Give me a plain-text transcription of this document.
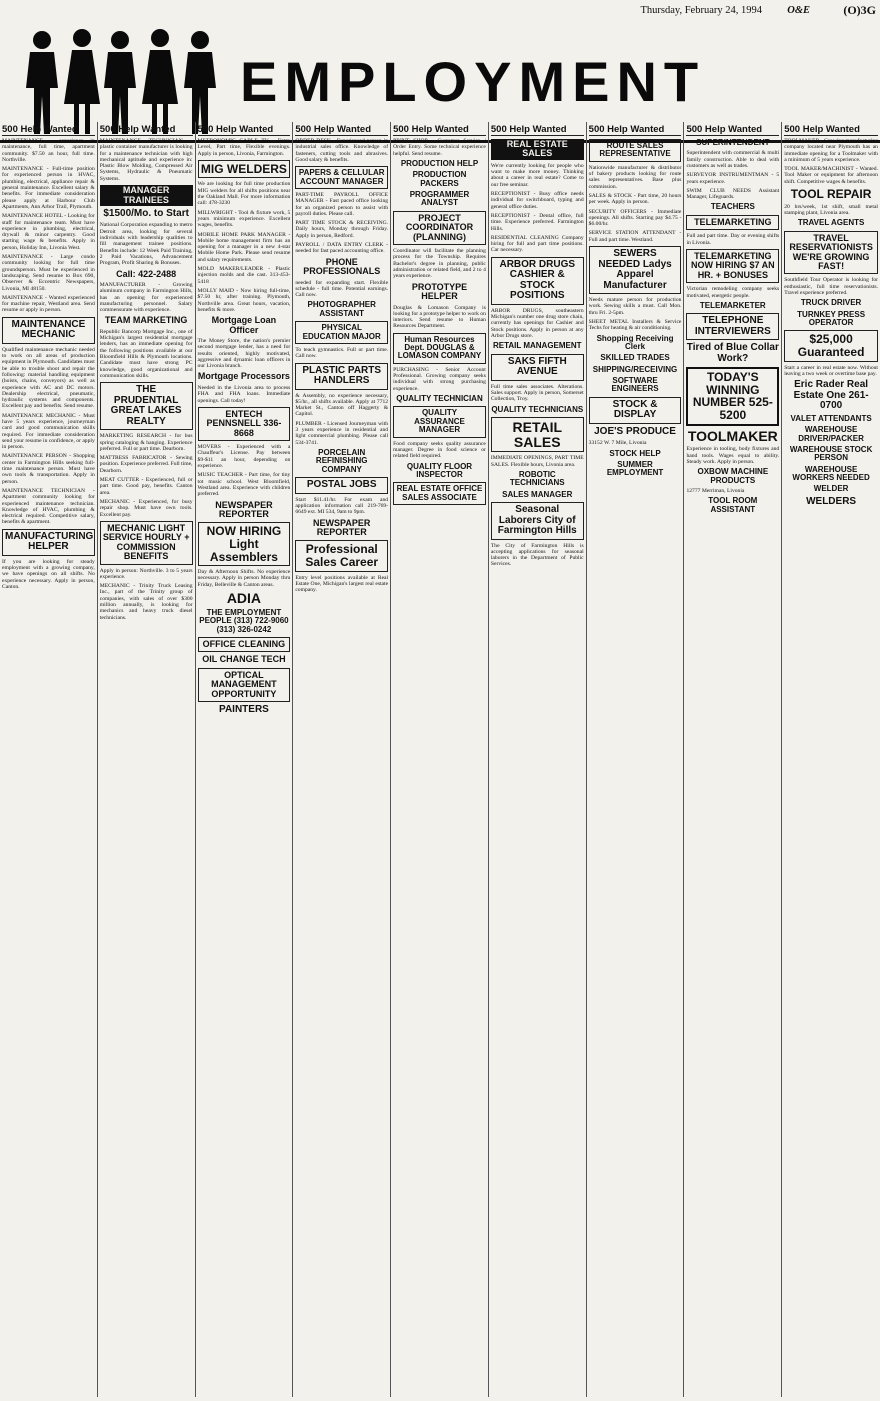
Thursday, February 24, 1994 O&E	(O)3G
EMPLOYMENT
500 Help Wanted
MAINTENANCE - experience in maintenance, full time, apartment community. $7.50 an hour, full time. Northville.
MAINTENANCE - Full-time position for experienced person in HVAC, plumbing, electrical, appliance repair & general maintenance. Excellent salary & benefits. For immediate consideration please apply at Harbour Club Apartments, Ann Arbor Trail, Plymouth.
MAINTENANCE HOTEL - Looking for staff for maintenance team. Must have experience in plumbing, electrical, drywall & minor carpentry. Good starting wage & benefits. Apply in person, Holiday Inn, Livonia West.
MAINTENANCE - Large condo community looking for full time groundsperson. Must be experienced in landscaping. Send resume to Box 690, Observer & Eccentric Newspapers, Livonia, MI 48150.
MAINTENANCE - Wanted experienced for machine repair, Westland area. Send resume or apply in person.
MAINTENANCE MECHANIC
Qualified maintenance mechanic needed to work on all areas of production equipment in Plymouth. Candidates must be able to trouble shoot and repair the following: material handling equipment (hoists, chains, conveyors) as well as experience with AC and DC motors. Dealership electrical, pneumatic, hydraulic systems and components. Excellent pay and benefits. Send resume.
MAINTENANCE MECHANIC - Must have 5 years experience, journeyman card and good communication skills required. For immediate consideration send your resume in confidence, or apply in person.
MAINTENANCE PERSON - Shopping center in Farmington Hills seeking full-time maintenance person. Must have own tools & transportation. Apply in person.
MAINTENANCE TECHNICIAN - Apartment community looking for experienced maintenance technician. Knowledge of HVAC, plumbing & electrical required. Competitive salary, benefits & apartment.
MANUFACTURING HELPER
If you are looking for steady employment with a growing company, we have openings on all shifts. No experience necessary. Apply in person, Canton.
500 Help Wanted
MAINTENANCE TECHNICIAN - plastic container manufacturer is looking for a maintenance technician with high mechanical aptitude and experience in: Plastic Blow Molding, Compressed Air Systems, Hydraulic & Pneumatic Systems.
MANAGER TRAINEES
$1500/Mo. to Start
National Corporation expanding to metro Detroit area, looking for several individuals with leadership qualities to fill management trainee positions. Benefits include: 12 Week Paid Training, 2 Paid Vacations, Advancement Program, Profit Sharing & Bonuses.
Call: 422-2488
MANUFACTURER - Growing aluminum company in Farmington Hills, has an opening for experienced manufacturing personnel. Salary commensurate with experience.
TEAM MARKETING
Republic Bancorp Mortgage Inc., one of Michigan's largest residential mortgage lenders, has an immediate opening for the following positions available at our Bloomfield Hills & Plymouth locations. Candidate must have strong PC knowledge, good organizational and communication skills.
THE PRUDENTIAL GREAT LAKES REALTY
MARKETING RESEARCH - for bus spring cataloging & hanging. Experience preferred. Full or part time. Dearborn.
MATTRESS FABRICATOR - Sewing position. Experience preferred. Full time, Dearborn.
MEAT CUTTER - Experienced, full or part time. Good pay, benefits. Canton area.
MECHANIC - Experienced, for busy repair shop. Must have own tools. Excellent pay.
MECHANIC LIGHT SERVICE HOURLY + COMMISSION BENEFITS
Apply in person: Northville. 3 to 5 years experience.
MECHANIC - Trinity Truck Leasing Inc., part of the Trinity group of companies, with sales of over $300 million annually, is looking for mechanics and heavy truck diesel technicians.
500 Help Wanted
METRONOMIC CABLE TV - Entry Level, Part time, Flexible evenings. Apply in person, Livonia, Farmington.
MIG WELDERS
We are looking for full time production MIG welders for all shifts positions near the Oakland Mall. For more information call: 478-3230
MILLWRIGHT - Tool & fixture work, 5 years minimum experience. Excellent wages, benefits.
MOBILE HOME PARK MANAGER - Mobile home management firm has an opening for a manager in a new 4-star Mobile Home Park. Please send resume and salary requirements.
MOLD MAKER/LEADER - Plastic injection molds and die cast. 313-453-5418
MOLLY MAID - Now hiring full-time, $7.50 hr, after training. Plymouth, Northville area. Great hours, vacation, benefits & more.
Mortgage Loan Officer
The Money Store, the nation's premier second mortgage lender, has a need for results oriented, highly motivated, aggressive and dynamic loan officers in our Livonia branch.
Mortgage Processors
Needed in the Livonia area to process FHA and FHA loans. Immediate openings. Call today!
ENTECH PENNSNELL 336-8668
MOVERS - Experienced with a Chauffeur's License. Pay between $9-$11 an hour, depending on experience.
MUSIC TEACHER - Part time, for tiny tot music school. West Bloomfield, Westland area. Experience with children preferred.
NEWSPAPER REPORTER
NOW HIRING Light Assemblers
Day & Afternoon Shifts. No experience necessary. Apply in person Monday thru Friday, Belleville & Canton areas.
ADIA
THE EMPLOYMENT PEOPLE (313) 722-9060 (313) 326-0242
OFFICE CLEANING
OIL CHANGE TECH
OPTICAL MANAGEMENT OPPORTUNITY
PAINTERS
500 Help Wanted
ORDER DESK - Experienced person in industrial sales office. Knowledge of fasteners, cutting tools and abrasives. Good salary & benefits.
PAPERS & CELLULAR ACCOUNT MANAGER
PART-TIME PAYROLL OFFICE MANAGER - Fast paced office looking for an organized person to assist with payroll duties. Please call.
PART TIME STOCK & RECEIVING. Daily hours, Monday through Friday. Apply in person, Redford.
PAYROLL / DATA ENTRY CLERK - needed for fast paced accounting office.
PHONE PROFESSIONALS
needed for expanding start. Flexible schedule - full time. Potential earnings. Call now.
PHOTOGRAPHER ASSISTANT
PHYSICAL EDUCATION MAJOR
To teach gymnastics. Full or part time. Call now.
PLASTIC PARTS HANDLERS
& Assembly, no experience necessary, $5/hr., all shifts available. Apply at 7712 Market St., Canton off Haggerty & Capitol.
PLUMBER - Licensed Journeyman with 3 years experience in residential and light commercial plumbing. Please call 534-3741.
PORCELAIN REFINISHING COMPANY
POSTAL JOBS
Start $11.41/hr. For exam and application information call 219-769-6649 ext. MI 534, 9am to 9pm.
NEWSPAPER REPORTER
Professional Sales Career
Entry level positions available at Real Estate One, Michigan's largest real estate company.
500 Help Wanted
PRINT SHOP - Customer Service / Order Entry. Some technical experience helpful. Send resume.
PRODUCTION HELP
PRODUCTION PACKERS
PROGRAMMER ANALYST
PROJECT COORDINATOR (PLANNING)
Coordinator will facilitate the planning process for the Township. Requires Bachelor's degree in planning, public administration or related field, and 2 to 4 years experience.
PROTOTYPE HELPER
Douglas & Lomason Company is looking for a prototype helper to work on interiors. Send resume to Human Resources Department.
Human Resources Dept. DOUGLAS & LOMASON COMPANY
PURCHASING - Senior Account Professional. Growing company seeks individual with strong purchasing experience.
QUALITY TECHNICIAN
QUALITY ASSURANCE MANAGER
Food company seeks quality assurance manager. Degree in food science or related field required.
QUALITY FLOOR INSPECTOR
REAL ESTATE OFFICE SALES ASSOCIATE
500 Help Wanted
REAL ESTATE SALES
We're currently looking for people who want to make more money. Thinking about a career in real estate? Come to our free seminar.
RECEPTIONIST - Busy office needs individual for switchboard, typing and general office duties.
RECEPTIONIST - Dental office, full time. Experience preferred. Farmington Hills.
RESIDENTIAL CLEANING Company hiring for full and part time positions. Car necessary.
ARBOR DRUGS CASHIER & STOCK POSITIONS
ARBOR DRUGS, southeastern Michigan's number one drug store chain, currently has openings for Cashier and Stock positions. Apply in person at any Arbor Drugs store.
RETAIL MANAGEMENT
SAKS FIFTH AVENUE
Full time sales associates. Alterations. Sales support. Apply in person, Somerset Collection, Troy.
QUALITY TECHNICIANS
RETAIL SALES
IMMEDIATE OPENINGS, PART TIME SALES. Flexible hours, Livonia area.
ROBOTIC TECHNICIANS
SALES MANAGER
Seasonal Laborers City of Farmington Hills
The City of Farmington Hills is accepting applications for seasonal laborers in the Department of Public Services.
500 Help Wanted
ROUTE SALES REPRESENTATIVE
Nationwide manufacturer & distributor of bakery products looking for route sales representatives. Base plus commission.
SALES & STOCK - Part time, 20 hours per week. Apply in person.
SECURITY OFFICERS - Immediate openings. All shifts. Starting pay $4.75 - $6.00/hr.
SERVICE STATION ATTENDANT - Full and part time. Westland.
SEWERS NEEDED Ladys Apparel Manufacturer
Needs mature person for production work. Sewing skills a must. Call Mon. thru Fri. 2-5pm.
SHEET METAL Installers & Service Techs for heating & air conditioning.
Shopping Receiving Clerk
SKILLED TRADES
SHIPPING/RECEIVING
SOFTWARE ENGINEERS
STOCK & DISPLAY
JOE'S PRODUCE
33152 W. 7 Mile, Livonia
STOCK HELP
SUMMER EMPLOYMENT
500 Help Wanted
SUPERINTENDENT
Superintendent with commercial & multi family construction. Able to deal with customers as well as trades.
SURVEYOR INSTRUMENTMAN - 5 years experience.
SWIM CLUB NEEDS Assistant Manager, Lifeguards.
TEACHERS
TELEMARKETING
Full and part time. Day or evening shifts in Livonia.
TELEMARKETING NOW HIRING $7 AN HR. + BONUSES
Victorian remodeling company seeks motivated, energetic people.
TELEMARKETER
TELEPHONE INTERVIEWERS
Tired of Blue Collar Work?
TODAY'S WINNING NUMBER 525-5200
TOOLMAKER
Experience in tooling, body fixtures and hand tools. Wages equal to ability. Steady work. Apply in person.
OXBOW MACHINE PRODUCTS
12777 Merriman, Livonia
TOOL ROOM ASSISTANT
500 Help Wanted
TOOLMAKER - Growing manufacturing company located near Plymouth has an immediate opening for a Toolmaker with a minimum of 5 years experience.
TOOL MAKER/MACHINIST - Wanted. Tool Maker or equipment for afternoon shift. Competitive wages & benefits.
TOOL REPAIR
20 hrs/week, 1st shift, small metal stamping plant, Livonia area.
TRAVEL AGENTS
TRAVEL RESERVATIONISTS WE'RE GROWING FAST!
Southfield Tour Operator is looking for enthusiastic, full time reservationists. Travel experience preferred.
TRUCK DRIVER
TURNKEY PRESS OPERATOR
$25,000 Guaranteed
Start a career in real estate now. Without leaving a two week or overtime base pay.
Eric Rader Real Estate One 261-0700
VALET ATTENDANTS
WAREHOUSE DRIVER/PACKER
WAREHOUSE STOCK PERSON
WAREHOUSE WORKERS NEEDED
WELDER
WELDERS
